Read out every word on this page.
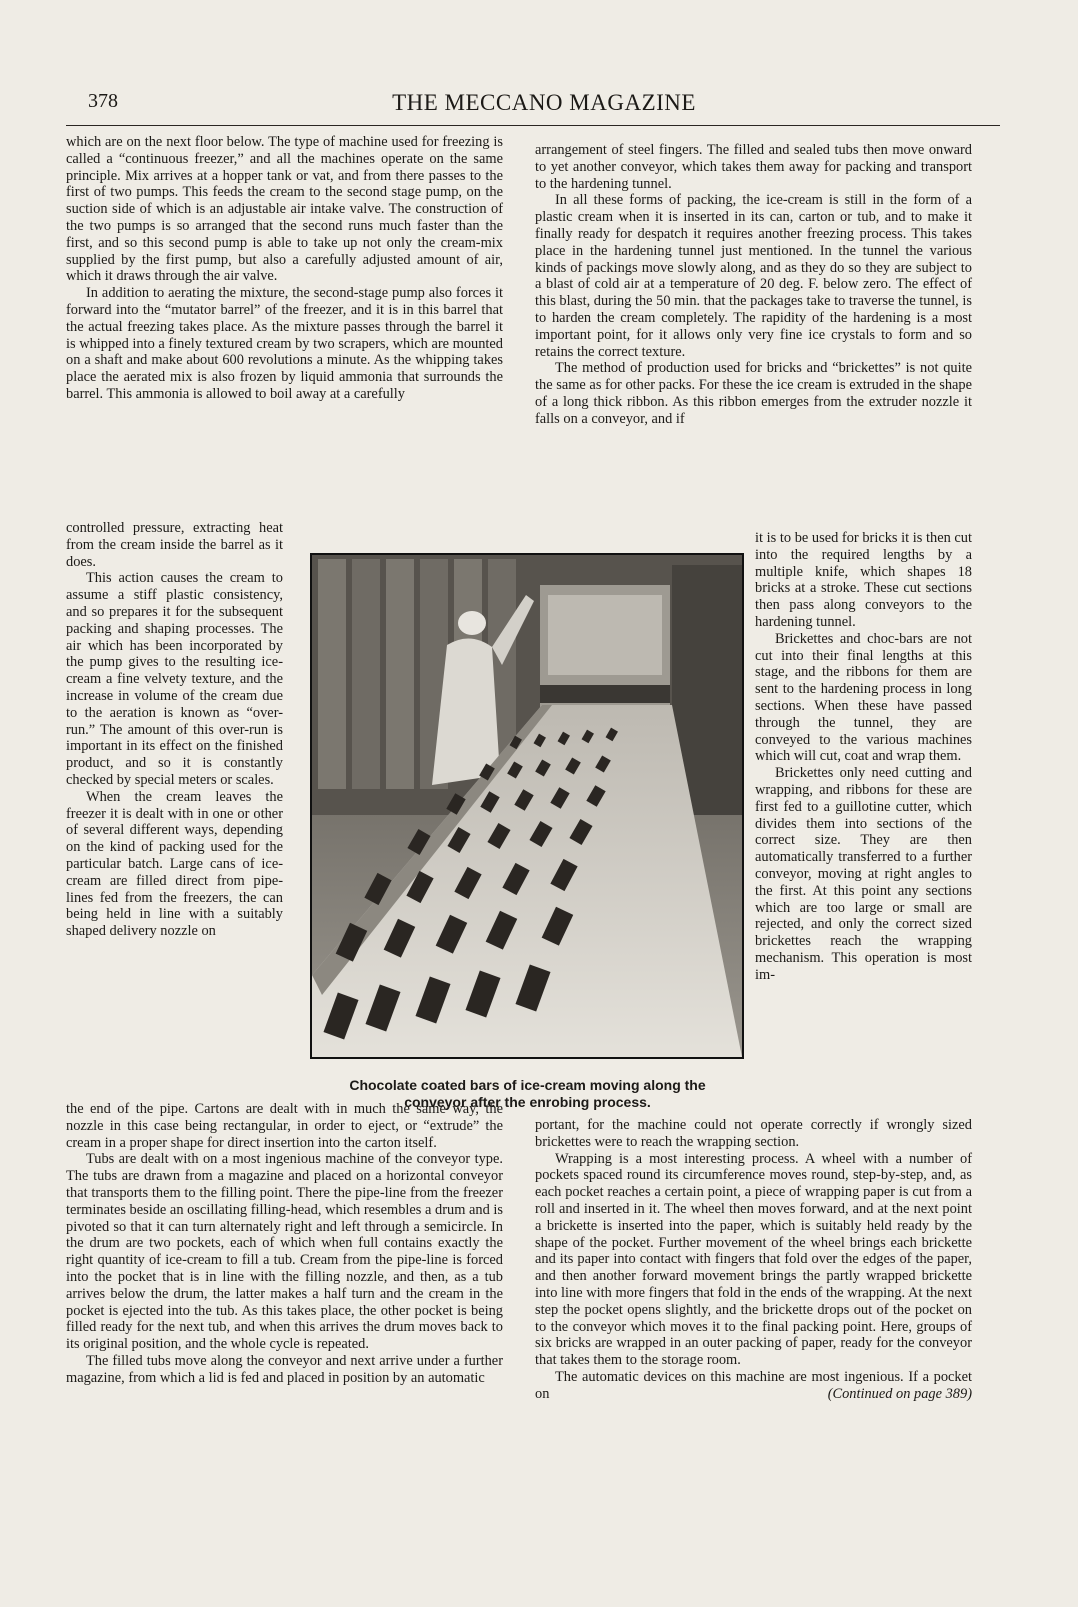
378	THE MECCANO MAGAZINE

which are on the next floor below. The type of machine used for freezing is called a “continuous freezer,” and all the machines operate on the same principle. Mix arrives at a hopper tank or vat, and from there passes to the first of two pumps. This feeds the cream to the second stage pump, on the suction side of which is an adjustable air intake valve. The construction of the two pumps is so arranged that the second runs much faster than the first, and so this second pump is able to take up not only the cream-mix supplied by the first pump, but also a carefully adjusted amount of air, which it draws through the air valve.

In addition to aerating the mixture, the second-stage pump also forces it forward into the “mutator barrel” of the freezer, and it is in this barrel that the actual freezing takes place. As the mixture passes through the barrel it is whipped into a finely textured cream by two scrapers, which are mounted on a shaft and make about 600 revolutions a minute. As the whipping takes place the aerated mix is also frozen by liquid ammonia that surrounds the barrel. This ammonia is allowed to boil away at a carefully

controlled pressure, extracting heat from the cream inside the barrel as it does.

This action causes the cream to assume a stiff plastic consistency, and so prepares it for the subsequent packing and shaping processes. The air which has been incorporated by the pump gives to the resulting ice-cream a fine velvety texture, and the increase in volume of the cream due to the aeration is known as “over-run.” The amount of this over-run is important in its effect on the finished product, and so it is constantly checked by special meters or scales.

When the cream leaves the freezer it is dealt with in one or other of several different ways, depending on the kind of packing used for the particular batch. Large cans of ice-cream are filled direct from pipe-lines fed from the freezers, the can being held in line with a suitably shaped delivery nozzle on

the end of the pipe. Cartons are dealt with in much the same way, the nozzle in this case being rectangular, in order to eject, or “extrude” the cream in a proper shape for direct insertion into the carton itself.

Tubs are dealt with on a most ingenious machine of the conveyor type. The tubs are drawn from a magazine and placed on a horizontal conveyor that transports them to the filling point. There the pipe-line from the freezer terminates beside an oscillating filling-head, which resembles a drum and is pivoted so that it can turn alternately right and left through a semicircle. In the drum are two pockets, each of which when full contains exactly the right quantity of ice-cream to fill a tub. Cream from the pipe-line is forced into the pocket that is in line with the filling nozzle, and then, as a tub arrives below the drum, the latter makes a half turn and the cream in the pocket is ejected into the tub. As this takes place, the other pocket is being filled ready for the next tub, and when this arrives the drum moves back to its original position, and the whole cycle is repeated.

The filled tubs move along the conveyor and next arrive under a further magazine, from which a lid is fed and placed in position by an automatic

arrangement of steel fingers. The filled and sealed tubs then move onward to yet another conveyor, which takes them away for packing and transport to the hardening tunnel.

In all these forms of packing, the ice-cream is still in the form of a plastic cream when it is inserted in its can, carton or tub, and to make it finally ready for despatch it requires another freezing process. This takes place in the hardening tunnel just mentioned. In the tunnel the various kinds of packings move slowly along, and as they do so they are subject to a blast of cold air at a temperature of 20 deg. F. below zero. The effect of this blast, during the 50 min. that the packages take to traverse the tunnel, is to harden the cream completely. The rapidity of the hardening is a most important point, for it allows only very fine ice crystals to form and so retains the correct texture.

The method of production used for bricks and “brickettes” is not quite the same as for other packs. For these the ice cream is extruded in the shape of a long thick ribbon. As this ribbon emerges from the extruder nozzle it falls on a conveyor, and if

it is to be used for bricks it is then cut into the required lengths by a multiple knife, which shapes 18 bricks at a stroke. These cut sections then pass along conveyors to the hardening tunnel.

Brickettes and choc-bars are not cut into their final lengths at this stage, and the ribbons for them are sent to the hardening process in long sections. When these have passed through the tunnel, they are conveyed to the various machines which will cut, coat and wrap them.

Brickettes only need cutting and wrapping, and ribbons for these are first fed to a guillotine cutter, which divides them into sections of the correct size. They are then automatically transferred to a further conveyor, moving at right angles to the first. At this point any sections which are too large or small are rejected, and only the correct sized brickettes reach the wrapping mechanism. This operation is most im-

portant, for the machine could not operate correctly if wrongly sized brickettes were to reach the wrapping section.

Wrapping is a most interesting process. A wheel with a number of pockets spaced round its circumference moves round, step-by-step, and, as each pocket reaches a certain point, a piece of wrapping paper is cut from a roll and inserted in it. The wheel then moves forward, and at the next point a brickette is inserted into the paper, which is suitably held ready by the shape of the pocket. Further movement of the wheel brings each brickette and its paper into contact with fingers that fold over the edges of the paper, and then another forward movement brings the partly wrapped brickette into line with more fingers that fold in the ends of the wrapping. At the next step the pocket opens slightly, and the brickette drops out of the pocket on to the conveyor which moves it to the final packing point. Here, groups of six bricks are wrapped in an outer packing of paper, ready for the conveyor that takes them to the storage room.

The automatic devices on this machine are most ingenious. If a pocket on	(Continued on page 389)

Chocolate coated bars of ice-cream moving along the
conveyor after the enrobing process.
